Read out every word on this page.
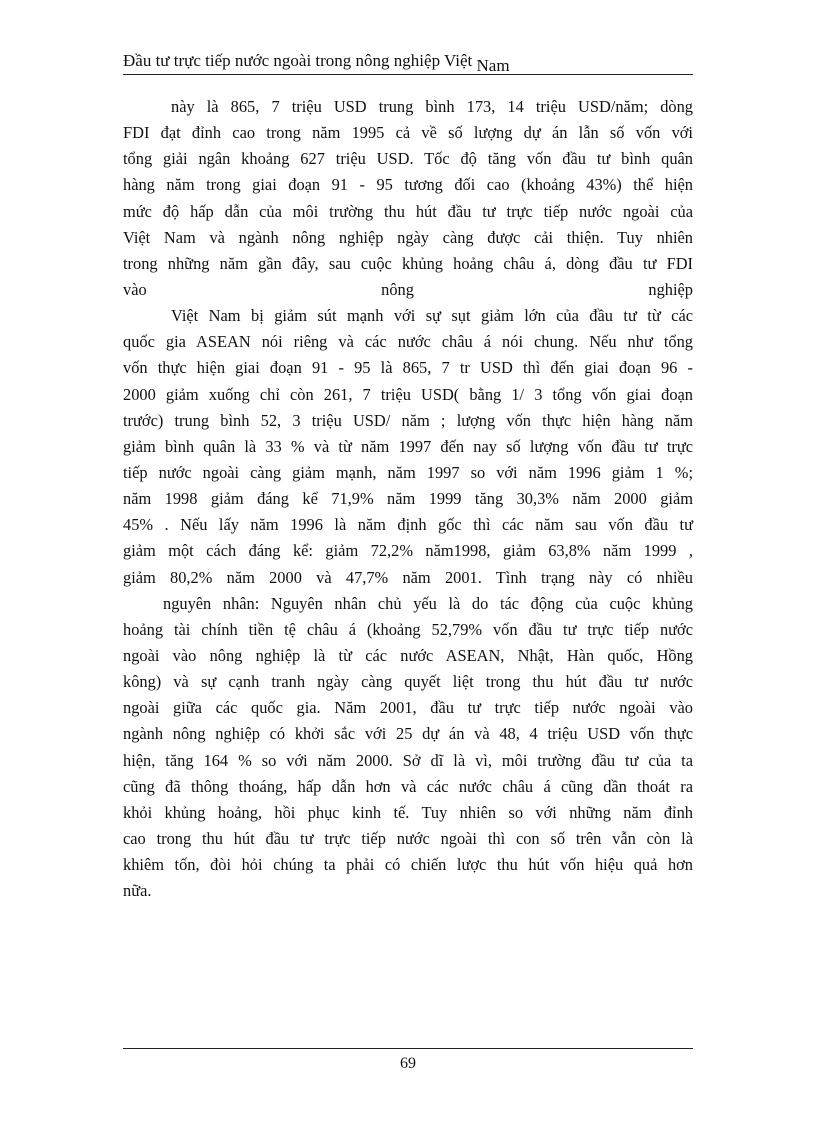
Đầu tư trực tiếp nước ngoài trong nông nghiệp Việt Nam
này là 865, 7 triệu USD trung bình 173, 14 triệu USD/năm; dòng
FDI đạt đỉnh cao trong năm 1995 cả về số lượng dự án lẫn số vốn với
tổng giải ngân khoảng 627 triệu USD. Tốc độ tăng vốn đầu tư bình quân
hàng năm trong giai đoạn 91 - 95 tương đối cao (khoảng 43%) thể hiện
mức độ hấp dẫn của môi trường thu hút đầu tư trực tiếp nước ngoài của
Việt Nam và ngành nông nghiệp ngày càng được cải thiện. Tuy nhiên
trong những năm gần đây, sau cuộc khủng hoảng châu á, dòng đầu tư FDI
vào nông nghiệp
Việt Nam bị giảm sút mạnh với sự sụt giảm lớn của đầu tư từ các
quốc gia ASEAN nói riêng và các nước châu á nói chung. Nếu như tổng
vốn thực hiện giai đoạn 91 - 95 là 865, 7 tr USD thì đến giai đoạn 96 -
2000 giảm xuống chỉ còn 261, 7 triệu USD( bằng 1/ 3 tổng vốn giai đoạn
trước) trung bình 52, 3 triệu USD/ năm ; lượng vốn thực hiện hàng năm
giảm bình quân là 33 % và từ năm 1997 đến nay số lượng vốn đầu tư trực
tiếp nước ngoài càng giảm mạnh, năm 1997 so với năm 1996 giảm 1 %;
năm 1998 giảm đáng kể 71,9% năm 1999 tăng 30,3% năm 2000 giảm
45% . Nếu lấy năm 1996 là năm định gốc thì các năm sau vốn đầu tư
giảm một cách đáng kể: giảm 72,2% năm1998, giảm 63,8% năm 1999 ,
giảm 80,2% năm 2000 và 47,7% năm 2001. Tình trạng này có nhiều
nguyên nhân: Nguyên nhân chủ yếu là do tác động của cuộc khủng
hoảng tài chính tiền tệ châu á (khoảng 52,79% vốn đầu tư trực tiếp nước
ngoài vào nông nghiệp là từ các nước ASEAN, Nhật, Hàn quốc, Hồng
kông) và sự cạnh tranh ngày càng quyết liệt trong thu hút đầu tư nước
ngoài giữa các quốc gia. Năm 2001, đầu tư trực tiếp nước ngoài vào
ngành nông nghiệp có khởi sắc với 25 dự án và 48, 4 triệu USD vốn thực
hiện, tăng 164 % so với năm 2000. Sở dĩ là vì, môi trường đầu tư của ta
cũng đã thông thoáng, hấp dẫn hơn và các nước châu á cũng dần thoát ra
khỏi khủng hoảng, hồi phục kinh tế. Tuy nhiên so với những năm đỉnh
cao trong thu hút đầu tư trực tiếp nước ngoài thì con số trên vẫn còn là
khiêm tốn, đòi hỏi chúng ta phải có chiến lược thu hút vốn hiệu quả hơn
nữa.
69
